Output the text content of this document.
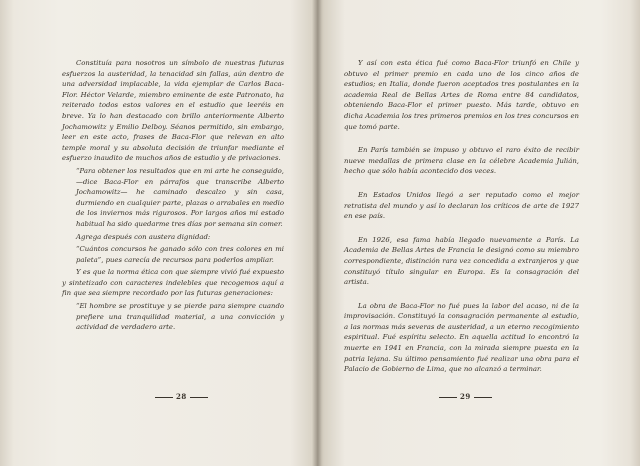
Constituía para nosotros un símbolo de nuestras futuras esfuerzos la austeridad, la tenacidad sin fallas, aún dentro de una adversidad implacable, la vida ejemplar de Carlos Baca-Flor. Héctor Velarde, miembro eminente de este Patronato, ha reiterado todos estos valores en el estudio que leeréis en breve. Ya lo han destacado con brillo anteriormente Alberto Jochamowitz y Emilio Delboy. Séanos permitido, sin embargo, leer en este acto, frases de Baca-Flor que relevan en alto temple moral y su absoluta decisión de triunfar mediante el esfuerzo inaudito de muchos años de estudio y de privaciones.

“Para obtener los resultados que en mi arte he conseguido, —dice Baca-Flor en párrafos que transcribe Alberto Jochamowitz— he caminado descalzo y sin casa, durmiendo en cualquier parte, plazas o arrabales en medio de los inviernos más rigurosos. Por largos años mi estado habitual ha sido quedarme tres días por semana sin comer.

Agrega después con austera dignidad:

“Cuántos concursos he ganado sólo con tres colores en mi paleta”, pues carecía de recursos para poderlos ampliar.

Y es que la norma ética con que siempre vivió fué expuesto y sintetizado con caracteres indelebles que recogemos aquí a fin que sea siempre recordado por las futuras generaciones:

“El hombre se prostituye y se pierde para siempre cuando prefiere una tranquilidad material, a una convicción y actividad de verdadero arte.

28

Y así con esta ética fué como Baca-Flor triunfó en Chile y obtuvo el primer premio en cada uno de los cinco años de estudios; en Italia, donde fueron aceptados tres postulantes en la academia Real de Bellas Artes de Roma entre 84 candidatos, obteniendo Baca-Flor el primer puesto. Más tarde, obtuvo en dicha Academia los tres primeros premios en los tres concursos en que tomó parte.

En París también se impuso y obtuvo el raro éxito de recibir nueve medallas de primera clase en la célebre Academia Julián, hecho que sólo había acontecido dos veces.

En Estados Unidos llegó a ser reputado como el mejor retratista del mundo y así lo declaran los críticos de arte de 1927 en ese país.

En 1926, esa fama había llegado nuevamente a París. La Academia de Bellas Artes de Francia le designó como su miembro correspondiente, distinción rara vez concedida a extranjeros y que constituyó título singular en Europa. Es la consagración del artista.

La obra de Baca-Flor no fué pues la labor del acaso, ni de la improvisación. Constituyó la consagración permanente al estudio, a las normas más severas de austeridad, a un eterno recogimiento espiritual. Fué espíritu selecto. En aquella actitud lo encontró la muerte en 1941 en Francia, con la mirada siempre puesta en la patria lejana. Su último pensamiento fué realizar una obra para el Palacio de Gobierno de Lima, que no alcanzó a terminar.

29
